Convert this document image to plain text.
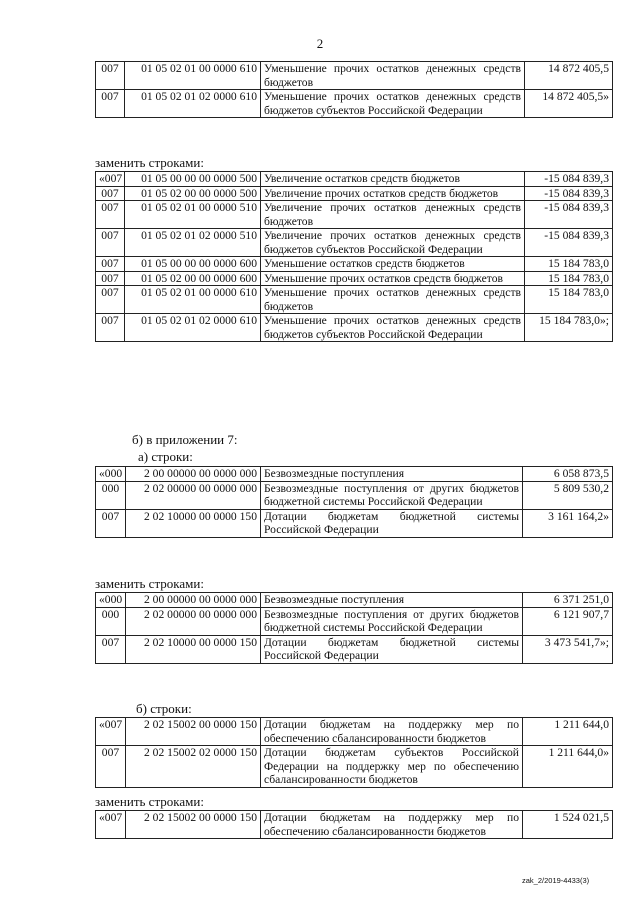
2
007	01 05 02 01 00 0000 610	Уменьшение прочих остатков денежных средств бюджетов	14 872 405,5
007	01 05 02 01 02 0000 610	Уменьшение прочих остатков денежных средств бюджетов субъектов Российской Федерации	14 872 405,5»
заменить строками:
«007	01 05 00 00 00 0000 500	Увеличение остатков средств бюджетов	-15 084 839,3
007	01 05 02 00 00 0000 500	Увеличение прочих остатков средств бюджетов	-15 084 839,3
007	01 05 02 01 00 0000 510	Увеличение прочих остатков денежных средств бюджетов	-15 084 839,3
007	01 05 02 01 02 0000 510	Увеличение прочих остатков денежных средств бюджетов субъектов Российской Федерации	-15 084 839,3
007	01 05 00 00 00 0000 600	Уменьшение остатков средств бюджетов	15 184 783,0
007	01 05 02 00 00 0000 600	Уменьшение прочих остатков средств бюджетов	15 184 783,0
007	01 05 02 01 00 0000 610	Уменьшение прочих остатков денежных средств бюджетов	15 184 783,0
007	01 05 02 01 02 0000 610	Уменьшение прочих остатков денежных средств бюджетов субъектов Российской Федерации	15 184 783,0»;
б) в приложении 7:
а) строки:
«000	2 00 00000 00 0000 000	Безвозмездные поступления	6 058 873,5
000	2 02 00000 00 0000 000	Безвозмездные поступления от других бюджетов бюджетной системы Российской Федерации	5 809 530,2
007	2 02 10000 00 0000 150	Дотации бюджетам бюджетной системы Российской Федерации	3 161 164,2»
заменить строками:
«000	2 00 00000 00 0000 000	Безвозмездные поступления	6 371 251,0
000	2 02 00000 00 0000 000	Безвозмездные поступления от других бюджетов бюджетной системы Российской Федерации	6 121 907,7
007	2 02 10000 00 0000 150	Дотации бюджетам бюджетной системы Российской Федерации	3 473 541,7»;
б) строки:
«007	2 02 15002 00 0000 150	Дотации бюджетам на поддержку мер по обеспечению сбалансированности бюджетов	1 211 644,0
007	2 02 15002 02 0000 150	Дотации бюджетам субъектов Российской Федерации на поддержку мер по обеспечению сбалансированности бюджетов	1 211 644,0»
заменить строками:
«007	2 02 15002 00 0000 150	Дотации бюджетам на поддержку мер по обеспечению сбалансированности бюджетов	1 524 021,5
zak_2/2019-4433(3)
